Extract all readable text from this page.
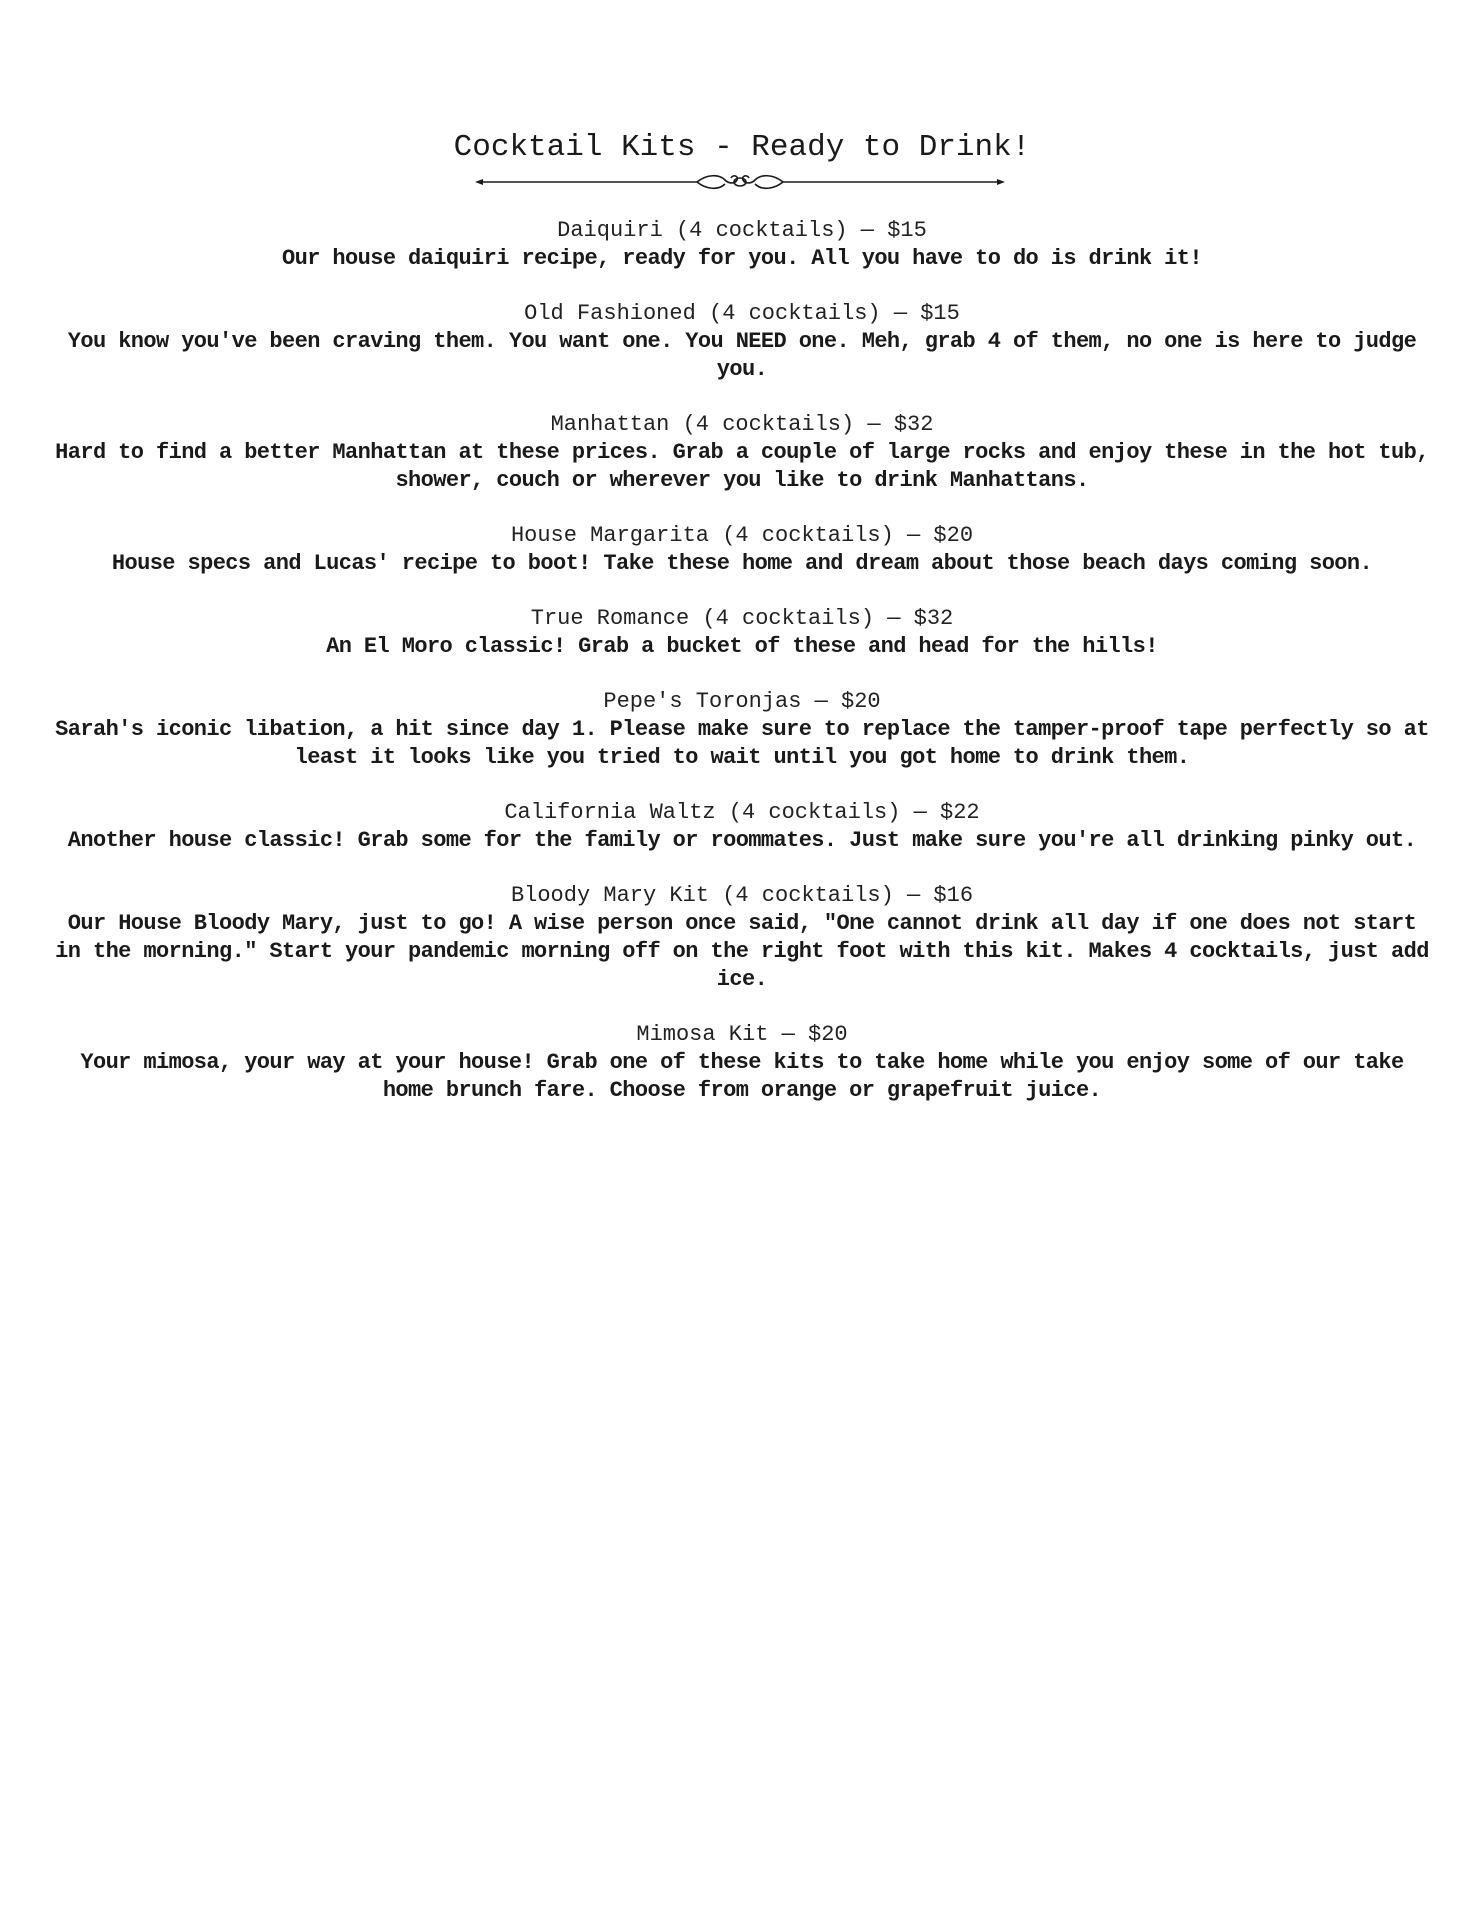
Cocktail Kits - Ready to Drink!
Daiquiri (4 cocktails) — $15
Our house daiquiri recipe, ready for you. All you have to do is drink it!
Old Fashioned (4 cocktails) — $15
You know you've been craving them. You want one. You NEED one. Meh, grab 4 of them, no one is here to judge you.
Manhattan (4 cocktails) — $32
Hard to find a better Manhattan at these prices. Grab a couple of large rocks and enjoy these in the hot tub, shower, couch or wherever you like to drink Manhattans.
House Margarita (4 cocktails) — $20
House specs and Lucas' recipe to boot! Take these home and dream about those beach days coming soon.
True Romance (4 cocktails) — $32
An El Moro classic! Grab a bucket of these and head for the hills!
Pepe's Toronjas — $20
Sarah's iconic libation, a hit since day 1. Please make sure to replace the tamper-proof tape perfectly so at least it looks like you tried to wait until you got home to drink them.
California Waltz (4 cocktails) — $22
Another house classic! Grab some for the family or roommates. Just make sure you're all drinking pinky out.
Bloody Mary Kit (4 cocktails) — $16
Our House Bloody Mary, just to go! A wise person once said, "One cannot drink all day if one does not start in the morning." Start your pandemic morning off on the right foot with this kit. Makes 4 cocktails, just add ice.
Mimosa Kit — $20
Your mimosa, your way at your house! Grab one of these kits to take home while you enjoy some of our take home brunch fare. Choose from orange or grapefruit juice.
